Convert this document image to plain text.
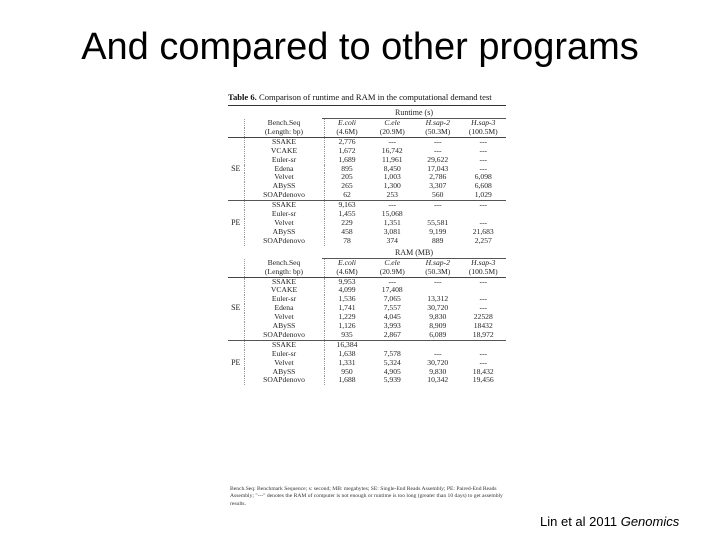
And compared to other programs
Table 6. Comparison of runtime and RAM in the computational demand test
Runtime (s)
	Bench.Seq	E.coli	C.ele	H.sap-2	H.sap-3
	(Length: bp)	(4.6M)	(20.9M)	(50.3M)	(100.5M)
	SSAKE	2,776	---	---	---
	VCAKE	1,672	16,742	---	---
	Euler-sr	1,689	11,961	29,622	---
SE	Edena	895	8,450	17,043	---
	Velvet	205	1,003	2,786	6,098
	ABySS	265	1,300	3,307	6,608
	SOAPdenovo	62	253	560	1,029
	SSAKE	9,163	---	---	---
	Euler-sr	1,455	15,068		
PE	Velvet	229	1,351	55,581	---
	ABySS	458	3,081	9,199	21,683
	SOAPdenovo	78	374	889	2,257
RAM (MB)
	Bench.Seq	E.coli	C.ele	H.sap-2	H.sap-3
	(Length: bp)	(4.6M)	(20.9M)	(50.3M)	(100.5M)
	SSAKE	9,953	---	---	---
	VCAKE	4,099	17,408		
	Euler-sr	1,536	7,065	13,312	---
SE	Edena	1,741	7,557	30,720	---
	Velvet	1,229	4,045	9,830	22528
	ABySS	1,126	3,993	8,909	18432
	SOAPdenovo	935	2,867	6,089	18,972
	SSAKE	16,384			
	Euler-sr	1,638	7,578	---	---
PE	Velvet	1,331	5,324	30,720	---
	ABySS	950	4,905	9,830	18,432
	SOAPdenovo	1,688	5,939	10,342	19,456
Bench.Seq: Benchmark Sequence; s: second; MB: megabytes; SE: Single-End Reads Assembly; PE: Paired-End Reads Assembly; "---" denotes the RAM of computer is not enough or runtime is too long (greater than 10 days) to get assembly results.
Lin et al 2011 Genomics
